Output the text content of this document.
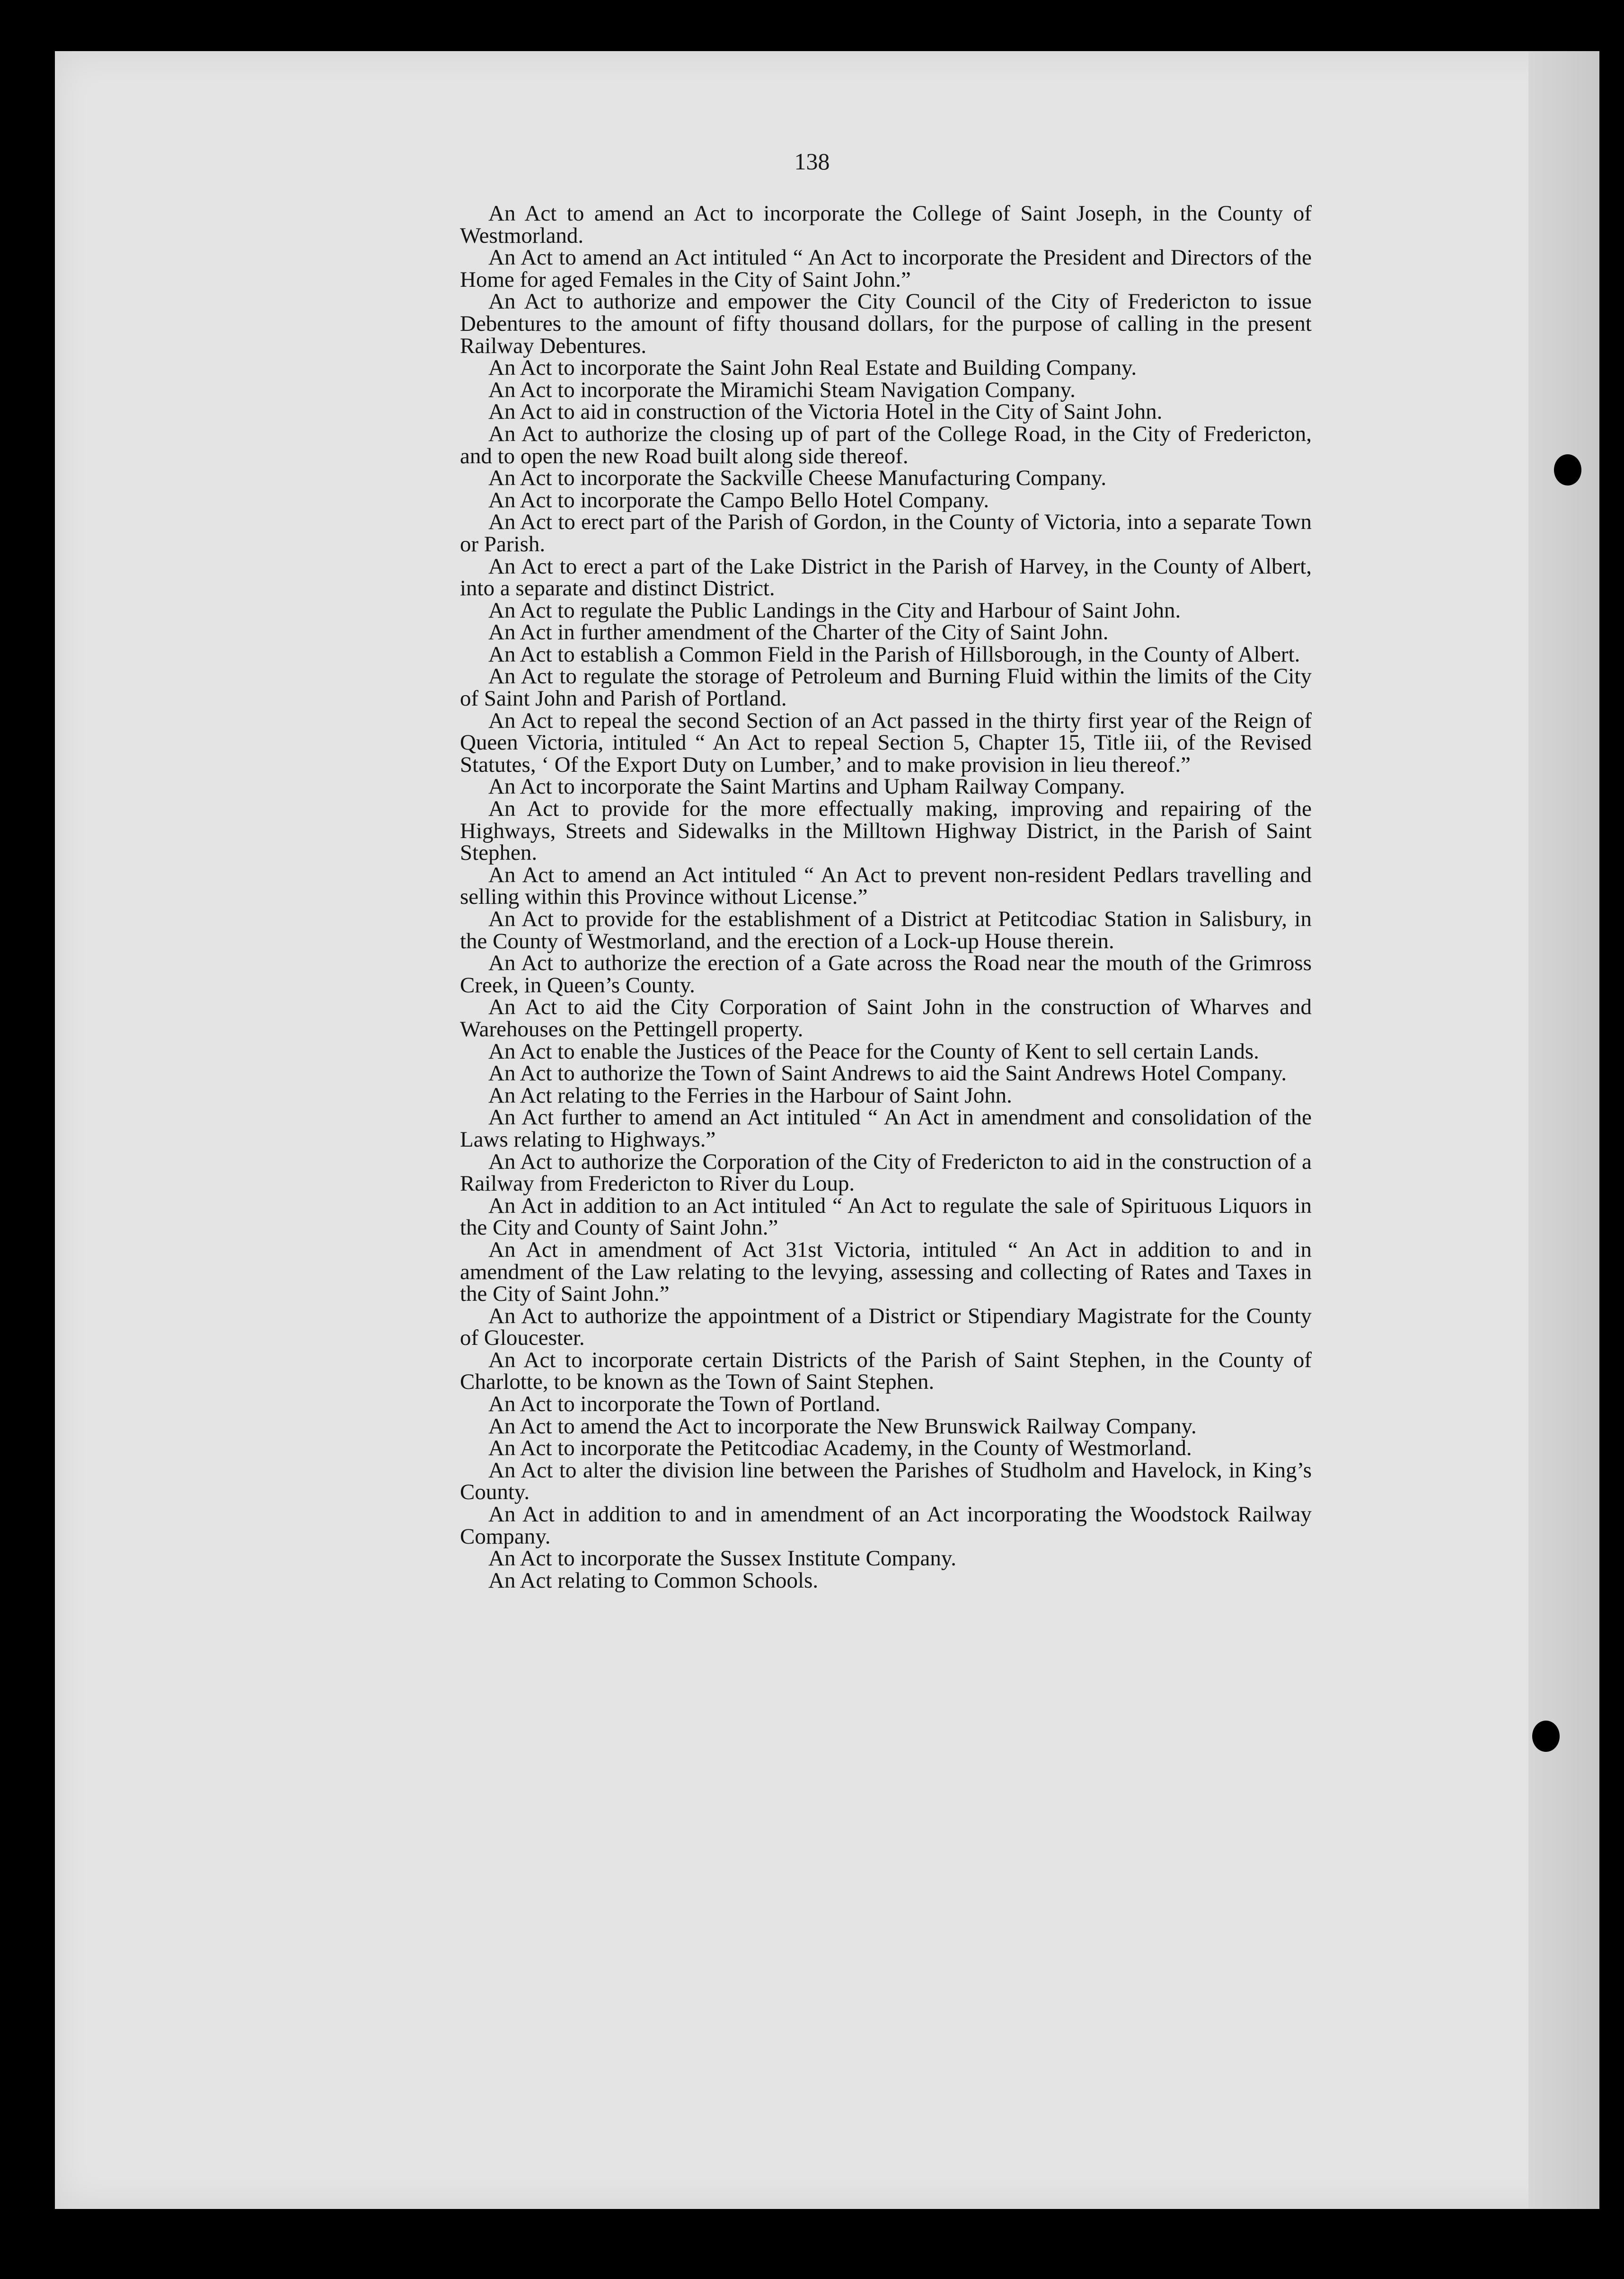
138

An Act to amend an Act to incorporate the College of Saint Joseph, in the County of Westmorland.

An Act to amend an Act intituled “ An Act to incorporate the President and Directors of the Home for aged Females in the City of Saint John.”

An Act to authorize and empower the City Council of the City of Fredericton to issue Debentures to the amount of fifty thousand dollars, for the purpose of calling in the present Railway Debentures.

An Act to incorporate the Saint John Real Estate and Building Company.

An Act to incorporate the Miramichi Steam Navigation Company.

An Act to aid in construction of the Victoria Hotel in the City of Saint John.

An Act to authorize the closing up of part of the College Road, in the City of Fredericton, and to open the new Road built along side thereof.

An Act to incorporate the Sackville Cheese Manufacturing Company.

An Act to incorporate the Campo Bello Hotel Company.

An Act to erect part of the Parish of Gordon, in the County of Victoria, into a separate Town or Parish.

An Act to erect a part of the Lake District in the Parish of Harvey, in the County of Albert, into a separate and distinct District.

An Act to regulate the Public Landings in the City and Harbour of Saint John.

An Act in further amendment of the Charter of the City of Saint John.

An Act to establish a Common Field in the Parish of Hillsborough, in the County of Albert.

An Act to regulate the storage of Petroleum and Burning Fluid within the limits of the City of Saint John and Parish of Portland.

An Act to repeal the second Section of an Act passed in the thirty first year of the Reign of Queen Victoria, intituled “ An Act to repeal Section 5, Chapter 15, Title iii, of the Revised Statutes, ‘ Of the Export Duty on Lumber,’ and to make provision in lieu thereof.”

An Act to incorporate the Saint Martins and Upham Railway Company.

An Act to provide for the more effectually making, improving and repairing of the Highways, Streets and Sidewalks in the Milltown Highway District, in the Parish of Saint Stephen.

An Act to amend an Act intituled “ An Act to prevent non-resident Pedlars travelling and selling within this Province without License.”

An Act to provide for the establishment of a District at Petitcodiac Station in Salisbury, in the County of Westmorland, and the erection of a Lock-up House therein.

An Act to authorize the erection of a Gate across the Road near the mouth of the Grimross Creek, in Queen’s County.

An Act to aid the City Corporation of Saint John in the construction of Wharves and Warehouses on the Pettingell property.

An Act to enable the Justices of the Peace for the County of Kent to sell certain Lands.

An Act to authorize the Town of Saint Andrews to aid the Saint Andrews Hotel Company.

An Act relating to the Ferries in the Harbour of Saint John.

An Act further to amend an Act intituled “ An Act in amendment and consolidation of the Laws relating to Highways.”

An Act to authorize the Corporation of the City of Fredericton to aid in the construction of a Railway from Fredericton to River du Loup.

An Act in addition to an Act intituled “ An Act to regulate the sale of Spirituous Liquors in the City and County of Saint John.”

An Act in amendment of Act 31st Victoria, intituled “ An Act in addition to and in amendment of the Law relating to the levying, assessing and collecting of Rates and Taxes in the City of Saint John.”

An Act to authorize the appointment of a District or Stipendiary Magistrate for the County of Gloucester.

An Act to incorporate certain Districts of the Parish of Saint Stephen, in the County of Charlotte, to be known as the Town of Saint Stephen.

An Act to incorporate the Town of Portland.

An Act to amend the Act to incorporate the New Brunswick Railway Company.

An Act to incorporate the Petitcodiac Academy, in the County of Westmorland.

An Act to alter the division line between the Parishes of Studholm and Havelock, in King’s County.

An Act in addition to and in amendment of an Act incorporating the Woodstock Railway Company.

An Act to incorporate the Sussex Institute Company.

An Act relating to Common Schools.
